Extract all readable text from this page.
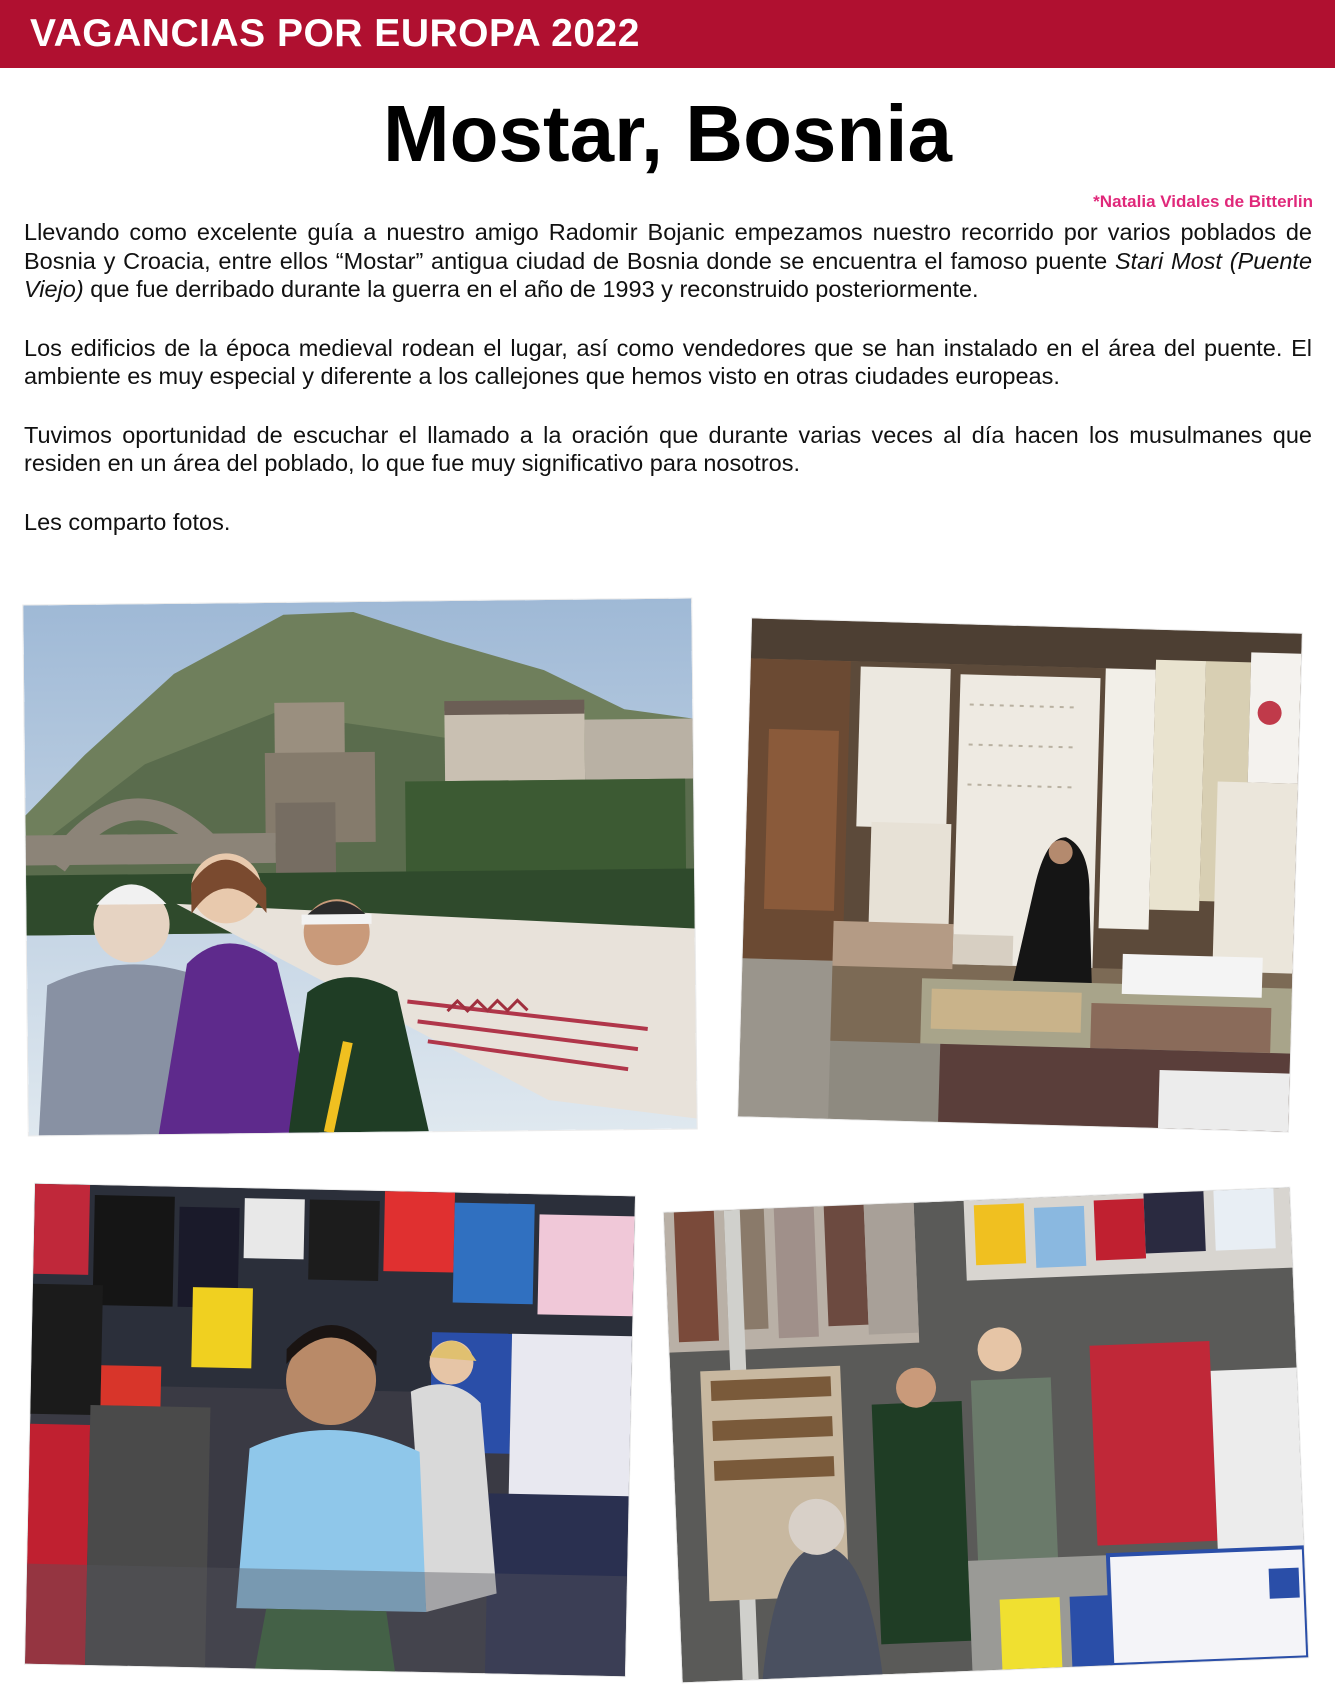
VAGANCIAS POR EUROPA 2022
Mostar, Bosnia
*Natalia Vidales de Bitterlin

Llevando como excelente guía a nuestro amigo Radomir Bojanic empezamos nuestro recorrido por varios poblados de Bosnia y Croacia, entre ellos “Mostar” antigua ciudad de Bosnia donde se encuentra el famoso puente Stari Most (Puente Viejo) que fue derribado durante la guerra en el año de 1993 y reconstruido posteriormente.

Los edificios de la época medieval rodean el lugar, así como vendedores que se han instalado en el área del puente. El ambiente es muy especial y diferente a los callejones que hemos visto en otras ciudades europeas.

Tuvimos oportunidad de escuchar el llamado a la oración que durante varias veces al día hacen los musulmanes que residen en un área del poblado, lo que fue muy significativo para nosotros.

Les comparto fotos.
